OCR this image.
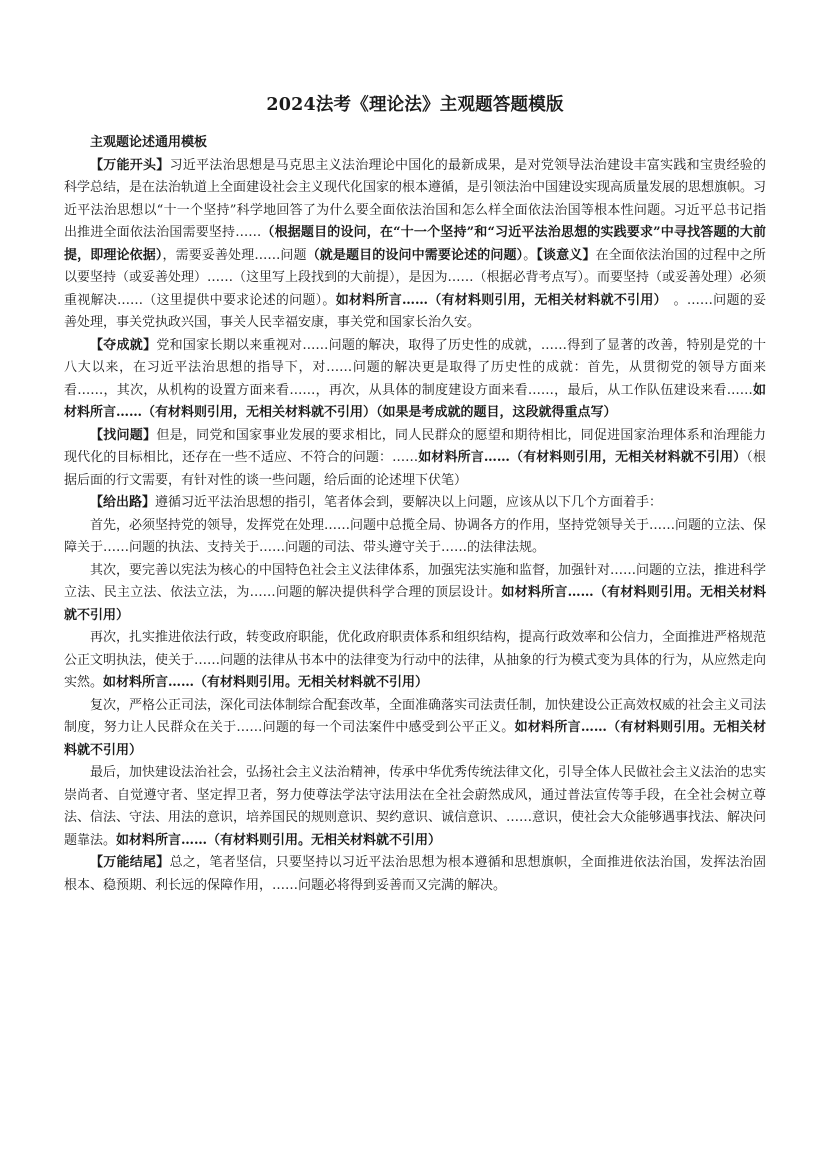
2024法考《理论法》主观题答题模版

主观题论述通用模板

【万能开头】习近平法治思想是马克思主义法治理论中国化的最新成果，是对党领导法治建设丰富实践和宝贵经验的科学总结，是在法治轨道上全面建设社会主义现代化国家的根本遵循，是引领法治中国建设实现高质量发展的思想旗帜。习近平法治思想以“十一个坚持”科学地回答了为什么要全面依法治国和怎么样全面依法治国等根本性问题。习近平总书记指出推进全面依法治国需要坚持……（根据题目的设问，在“十一个坚持”和“习近平法治思想的实践要求”中寻找答题的大前提，即理论依据），需要妥善处理……问题（就是题目的设问中需要论述的问题）。【谈意义】在全面依法治国的过程中之所以要坚持（或妥善处理）……（这里写上段找到的大前提），是因为……（根据必背考点写）。而要坚持（或妥善处理）必须重视解决……（这里提供中要求论述的问题）。如材料所言……（有材料则引用，无相关材料就不引用）　。……问题的妥善处理，事关党执政兴国，事关人民幸福安康，事关党和国家长治久安。

【夺成就】党和国家长期以来重视对……问题的解决，取得了历史性的成就，……得到了显著的改善，特别是党的十八大以来，在习近平法治思想的指导下，对……问题的解决更是取得了历史性的成就：首先，从贯彻党的领导方面来看……，其次，从机构的设置方面来看……，再次，从具体的制度建设方面来看……，最后，从工作队伍建设来看……如材料所言……（有材料则引用，无相关材料就不引用）（如果是考成就的题目，这段就得重点写）

【找问题】但是，同党和国家事业发展的要求相比，同人民群众的愿望和期待相比，同促进国家治理体系和治理能力现代化的目标相比，还存在一些不适应、不符合的问题：……如材料所言……（有材料则引用，无相关材料就不引用）（根据后面的行文需要，有针对性的谈一些问题，给后面的论述埋下伏笔）

【给出路】遵循习近平法治思想的指引，笔者体会到，要解决以上问题，应该从以下几个方面着手：

首先，必须坚持党的领导，发挥党在处理……问题中总揽全局、协调各方的作用，坚持党领导关于……问题的立法、保障关于……问题的执法、支持关于……问题的司法、带头遵守关于……的法律法规。

其次，要完善以宪法为核心的中国特色社会主义法律体系，加强宪法实施和监督，加强针对……问题的立法，推进科学立法、民主立法、依法立法，为……问题的解决提供科学合理的顶层设计。如材料所言……（有材料则引用。无相关材料就不引用）

再次，扎实推进依法行政，转变政府职能，优化政府职责体系和组织结构，提高行政效率和公信力，全面推进严格规范公正文明执法，使关于……问题的法律从书本中的法律变为行动中的法律，从抽象的行为模式变为具体的行为，从应然走向实然。如材料所言……（有材料则引用。无相关材料就不引用）

复次，严格公正司法，深化司法体制综合配套改革，全面准确落实司法责任制，加快建设公正高效权威的社会主义司法制度，努力让人民群众在关于……问题的每一个司法案件中感受到公平正义。如材料所言……（有材料则引用。无相关材料就不引用）

最后，加快建设法治社会，弘扬社会主义法治精神，传承中华优秀传统法律文化，引导全体人民做社会主义法治的忠实崇尚者、自觉遵守者、坚定捍卫者，努力使尊法学法守法用法在全社会蔚然成风，通过普法宣传等手段，在全社会树立尊法、信法、守法、用法的意识，培养国民的规则意识、契约意识、诚信意识、……意识，使社会大众能够遇事找法、解决问题靠法。如材料所言……（有材料则引用。无相关材料就不引用）

【万能结尾】总之，笔者坚信，只要坚持以习近平法治思想为根本遵循和思想旗帜，全面推进依法治国，发挥法治固根本、稳预期、利长远的保障作用，……问题必将得到妥善而又完满的解决。
